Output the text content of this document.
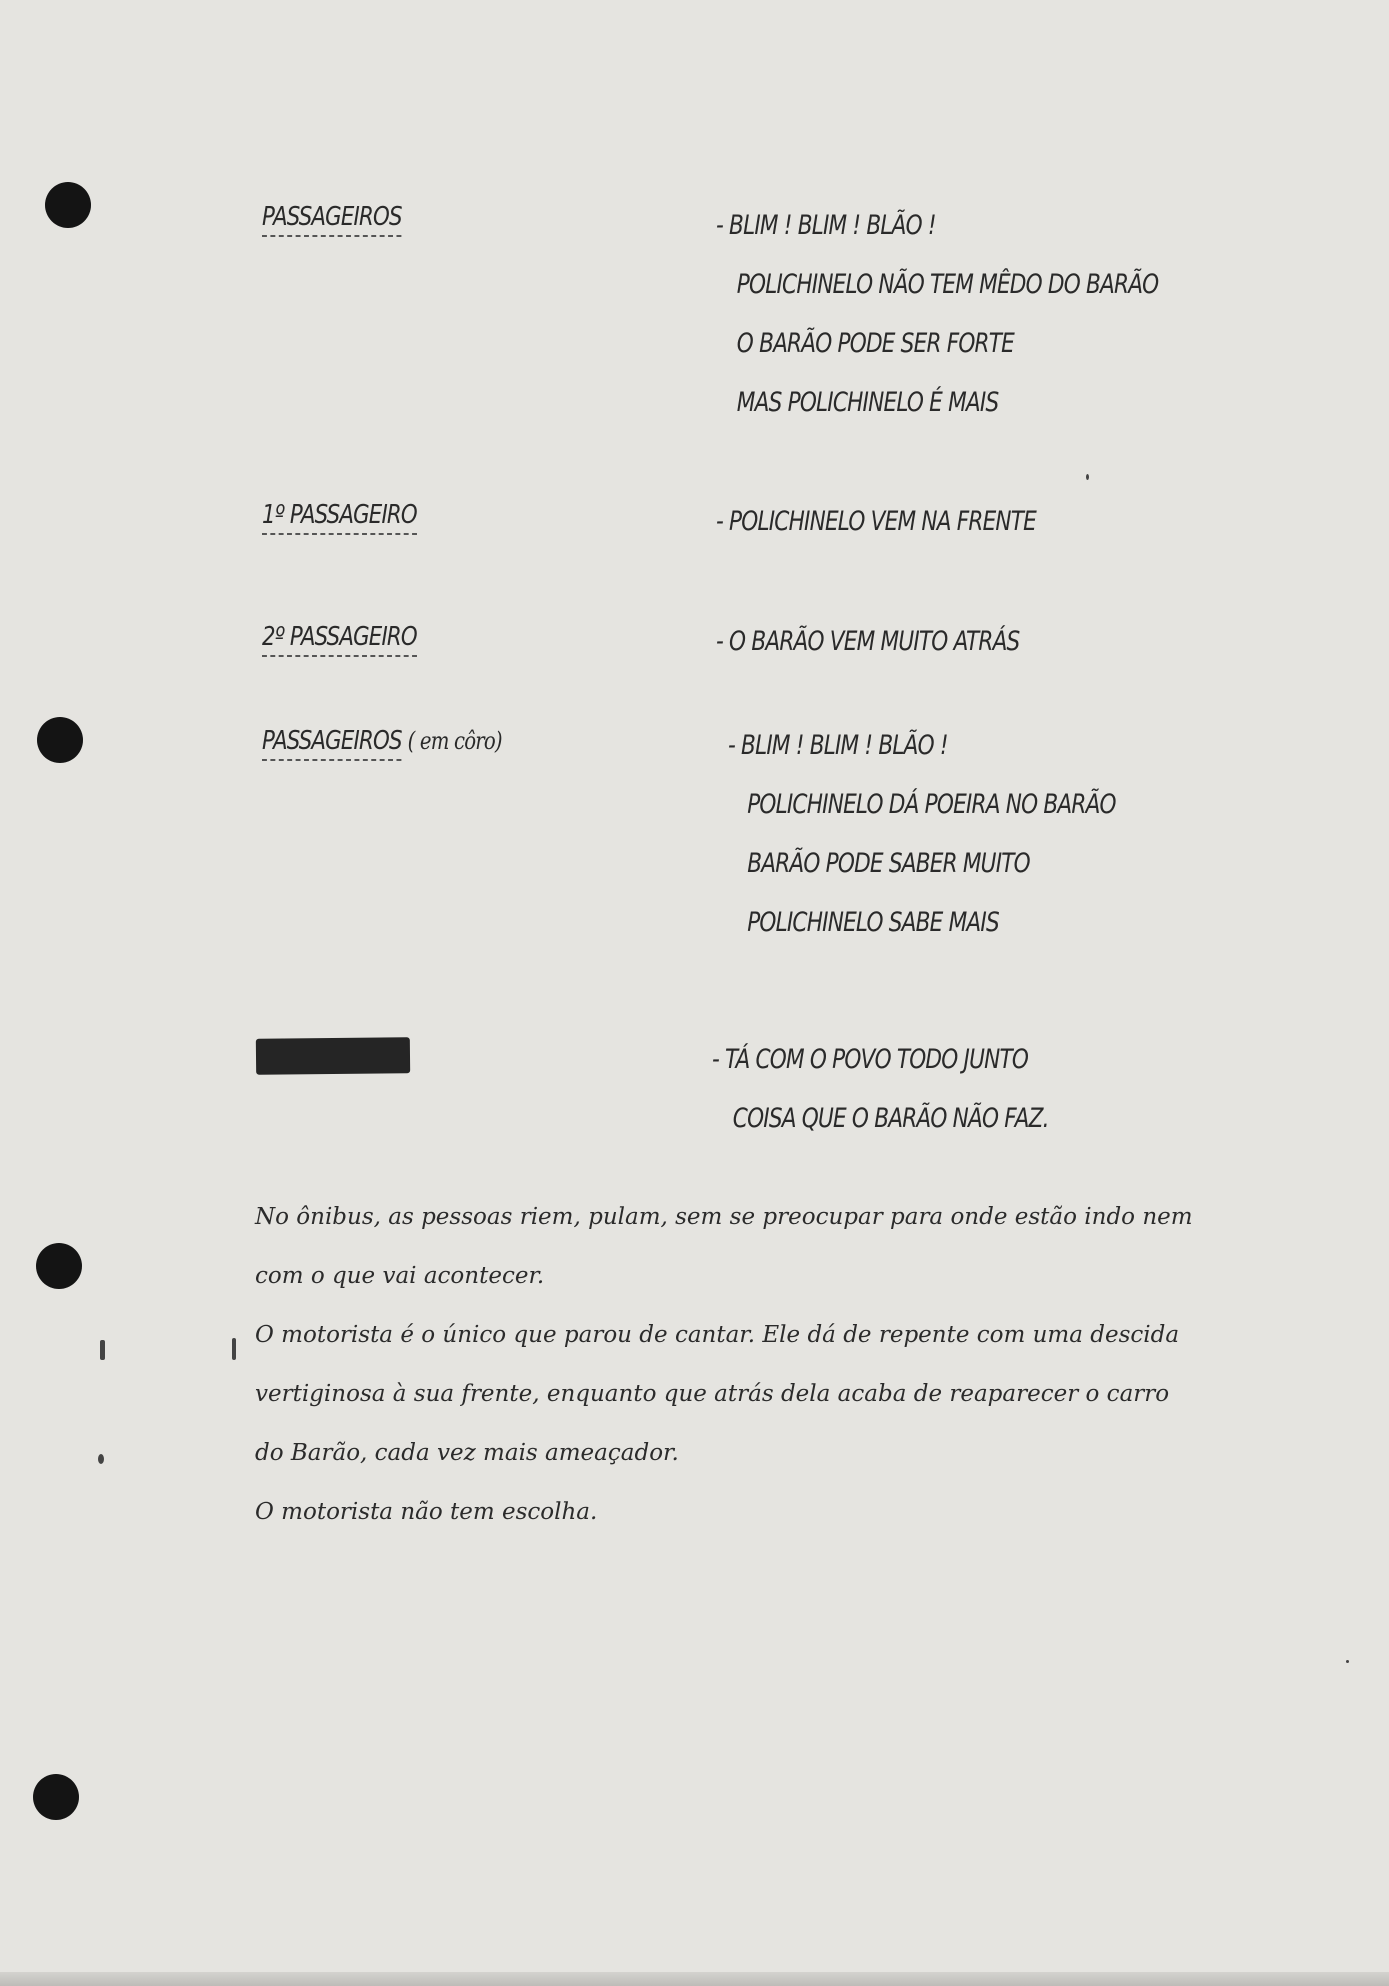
PASSAGEIROS	- BLIM ! BLIM ! BLÃO !
POLICHINELO NÃO TEM MÊDO DO BARÃO
O BARÃO PODE SER FORTE
MAS POLICHINELO É MAIS
1º PASSAGEIRO	- POLICHINELO VEM NA FRENTE
2º PASSAGEIRO	- O BARÃO VEM MUITO ATRÁS
PASSAGEIROS ( em côro)	- BLIM ! BLIM ! BLÃO !
POLICHINELO DÁ POEIRA NO BARÃO
BARÃO PODE SABER MUITO
POLICHINELO SABE MAIS
- TÁ COM O POVO TODO JUNTO
COISA QUE O BARÃO NÃO FAZ.

No ônibus, as pessoas riem, pulam, sem se preocupar para onde estão indo nem

com o que vai acontecer.

O motorista é o único que parou de cantar. Ele dá de repente com uma descida

vertiginosa à sua frente, enquanto que atrás dela acaba de reaparecer o carro

do Barão, cada vez mais ameaçador.

O motorista não tem escolha.
